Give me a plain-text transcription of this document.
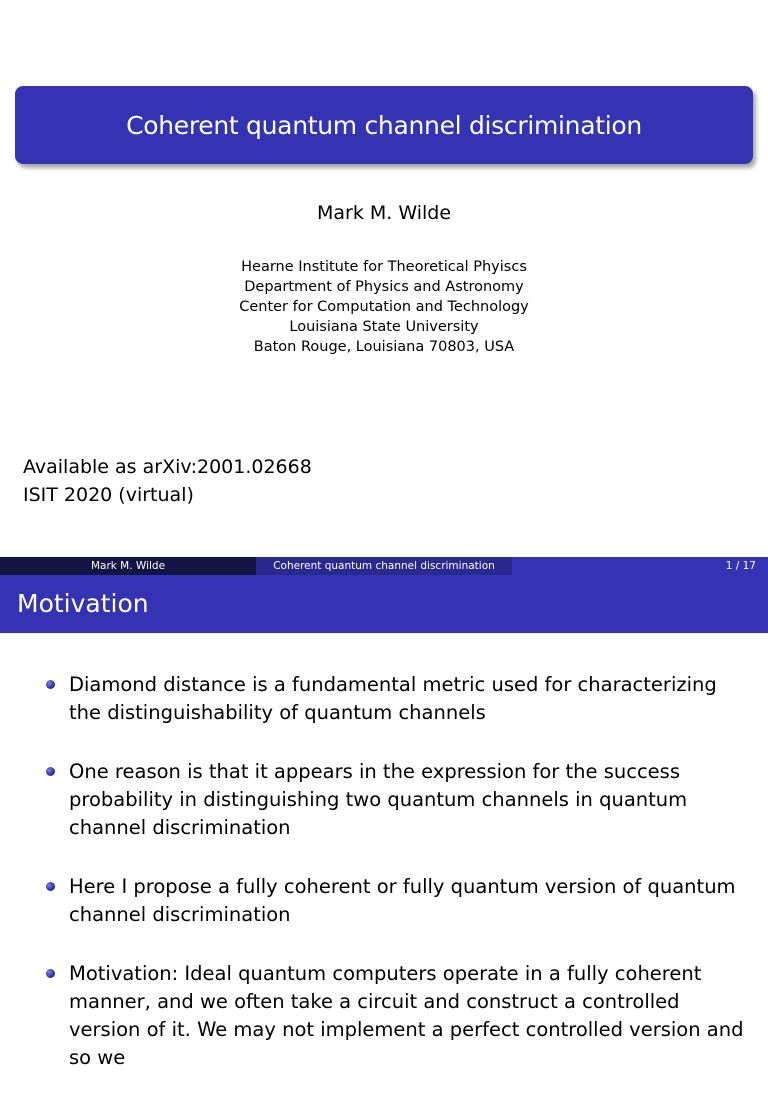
Coherent quantum channel discrimination
Mark M. Wilde
Hearne Institute for Theoretical Phyiscs
Department of Physics and Astronomy
Center for Computation and Technology
Louisiana State University
Baton Rouge, Louisiana 70803, USA
Available as arXiv:2001.02668
ISIT 2020 (virtual)
Mark M. Wilde	Coherent quantum channel discrimination	1 / 17
Motivation
Diamond distance is a fundamental metric used for characterizing the distinguishability of quantum channels
One reason is that it appears in the expression for the success probability in distinguishing two quantum channels in quantum channel discrimination
Here I propose a fully coherent or fully quantum version of quantum channel discrimination
Motivation: Ideal quantum computers operate in a fully coherent manner, and we often take a circuit and construct a controlled version of it. We may not implement a perfect controlled version and so we
